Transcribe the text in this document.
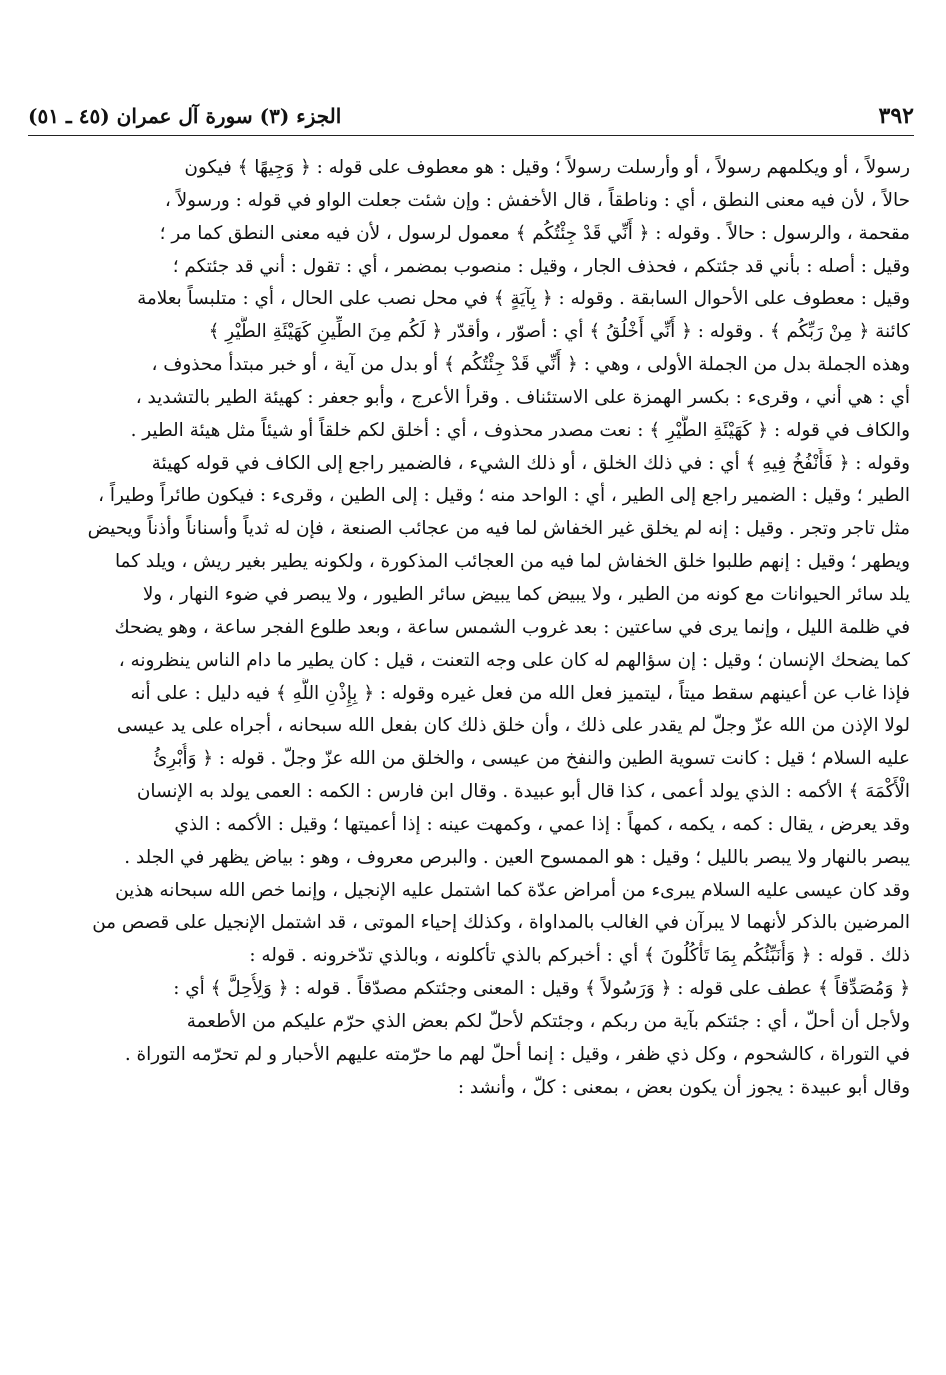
٣٩٢
الجزء (٣) سورة آل عمران (٤٥ ـ ٥١)
رسولاً ، أو ويكلمهم رسولاً ، أو وأرسلت رسولاً ؛ وقيل : هو معطوف على قوله : ﴿ وَجِيهًا ﴾ فيكون
حالاً ، لأن فيه معنى النطق ، أي : وناطقاً ، قال الأخفش : وإن شئت جعلت الواو في قوله : ورسولاً ،
مقحمة ، والرسول : حالاً . وقوله : ﴿ أَنِّي قَدْ جِئْتُكُم ﴾ معمول لرسول ، لأن فيه معنى النطق كما مر ؛
وقيل : أصله : بأني قد جئتكم ، فحذف الجار ، وقيل : منصوب بمضمر ، أي : تقول : أني قد جئتكم ؛
وقيل : معطوف على الأحوال السابقة . وقوله : ﴿ بِآيَةٍ ﴾ في محل نصب على الحال ، أي : متلبساً بعلامة
كائنة ﴿ مِنْ رَبِّكُم ﴾ . وقوله : ﴿ أَنِّي أَخْلُقُ ﴾ أي : أصوّر ، وأقدّر ﴿ لَكُم مِنَ الطِّينِ كَهَيْئَةِ الطَّيْرِ ﴾
وهذه الجملة بدل من الجملة الأولى ، وهي : ﴿ أَنِّي قَدْ جِئْتُكُم ﴾ أو بدل من آية ، أو خبر مبتدأ محذوف ،
أي : هي أني ، وقرىء : بكسر الهمزة على الاستئناف . وقرأ الأعرج ، وأبو جعفر : كهيئة الطير بالتشديد ،
والكاف في قوله : ﴿ كَهَيْئَةِ الطَّيْرِ ﴾ : نعت مصدر محذوف ، أي : أخلق لكم خلقاً أو شيئاً مثل هيئة الطير .
وقوله : ﴿ فَأَنْفُخُ فِيهِ ﴾ أي : في ذلك الخلق ، أو ذلك الشيء ، فالضمير راجع إلى الكاف في قوله كهيئة
الطير ؛ وقيل : الضمير راجع إلى الطير ، أي : الواحد منه ؛ وقيل : إلى الطين ، وقرىء : فيكون طائراً وطيراً ،
مثل تاجر وتجر . وقيل : إنه لم يخلق غير الخفاش لما فيه من عجائب الصنعة ، فإن له ثدياً وأسناناً وأذناً ويحيض
ويطهر ؛ وقيل : إنهم طلبوا خلق الخفاش لما فيه من العجائب المذكورة ، ولكونه يطير بغير ريش ، ويلد كما
يلد سائر الحيوانات مع كونه من الطير ، ولا يبيض كما يبيض سائر الطيور ، ولا يبصر في ضوء النهار ، ولا
في ظلمة الليل ، وإنما يرى في ساعتين : بعد غروب الشمس ساعة ، وبعد طلوع الفجر ساعة ، وهو يضحك
كما يضحك الإنسان ؛ وقيل : إن سؤالهم له كان على وجه التعنت ، قيل : كان يطير ما دام الناس ينظرونه ،
فإذا غاب عن أعينهم سقط ميتاً ، ليتميز فعل الله من فعل غيره وقوله : ﴿ بِإِذْنِ اللَّهِ ﴾ فيه دليل : على أنه
لولا الإذن من الله عزّ وجلّ لم يقدر على ذلك ، وأن خلق ذلك كان بفعل الله سبحانه ، أجراه على يد عيسى
عليه السلام ؛ قيل : كانت تسوية الطين والنفخ من عيسى ، والخلق من الله عزّ وجلّ . قوله : ﴿ وَأُبْرِئُ
الْأَكْمَهَ ﴾ الأكمه : الذي يولد أعمى ، كذا قال أبو عبيدة . وقال ابن فارس : الكمه : العمى يولد به الإنسان
وقد يعرض ، يقال : كمه ، يكمه ، كمهاً : إذا عمي ، وكمهت عينه : إذا أعميتها ؛ وقيل : الأكمه : الذي
يبصر بالنهار ولا يبصر بالليل ؛ وقيل : هو الممسوح العين . والبرص معروف ، وهو : بياض يظهر في الجلد .
وقد كان عيسى عليه السلام يبرىء من أمراض عدّة كما اشتمل عليه الإنجيل ، وإنما خص الله سبحانه هذين
المرضين بالذكر لأنهما لا يبرآن في الغالب بالمداواة ، وكذلك إحياء الموتى ، قد اشتمل الإنجيل على قصص من
ذلك . قوله : ﴿ وَأُنَبِّئُكُم بِمَا تَأْكُلُونَ ﴾ أي : أخبركم بالذي تأكلونه ، وبالذي تدّخرونه . قوله :
﴿ وَمُصَدِّقاً ﴾ عطف على قوله : ﴿ وَرَسُولاً ﴾ وقيل : المعنى وجئتكم مصدّقاً . قوله : ﴿ وَلِأُحِلَّ ﴾ أي :
ولأجل أن أحلّ ، أي : جئتكم بآية من ربكم ، وجئتكم لأحلّ لكم بعض الذي حرّم عليكم من الأطعمة
في التوراة ، كالشحوم ، وكل ذي ظفر ، وقيل : إنما أحلّ لهم ما حرّمته عليهم الأحبار و لم تحرّمه التوراة .
وقال أبو عبيدة : يجوز أن يكون بعض ، بمعنى : كلّ ، وأنشد :
